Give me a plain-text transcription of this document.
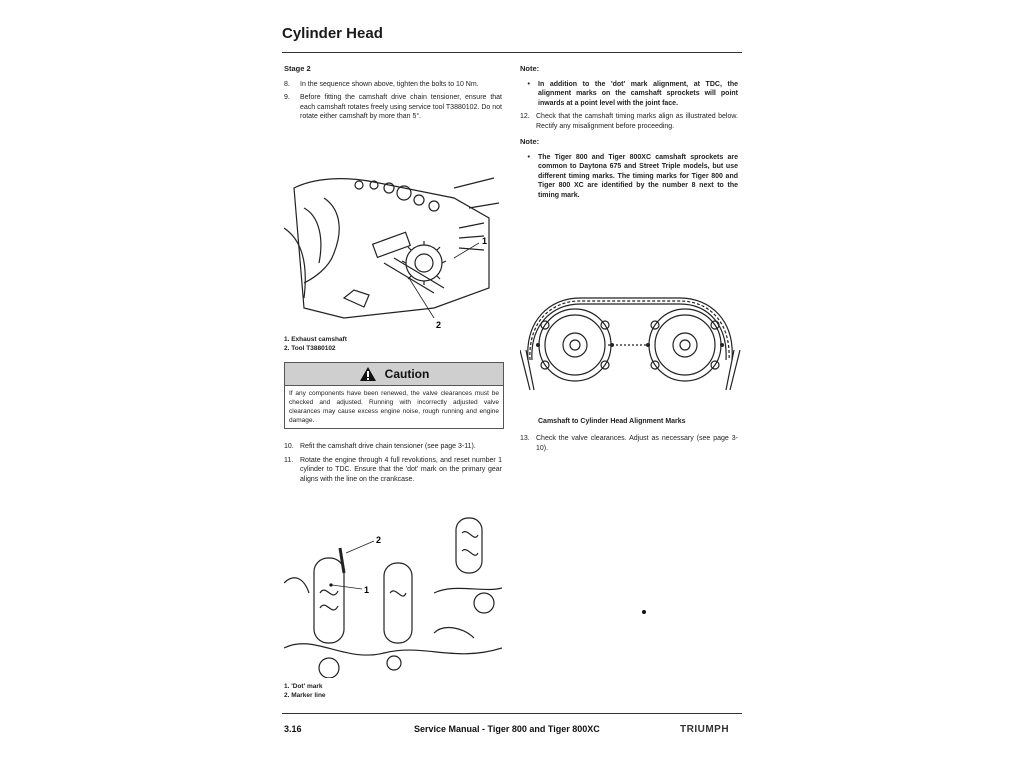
Cylinder Head
Stage 2
8.	In the sequence shown above, tighten the bolts to 10 Nm.
9.	Before fitting the camshaft drive chain tensioner, ensure that each camshaft rotates freely using service tool T3880102. Do not rotate either camshaft by more than 5°.
1
2
1. Exhaust camshaft
2. Tool T3880102
Caution
If any components have been renewed, the valve clearances must be checked and adjusted. Running with incorrectly adjusted valve clearances may cause excess engine noise, rough running and engine damage.
10. Refit the camshaft drive chain tensioner (see page 3-11).
11. Rotate the engine through 4 full revolutions, and reset number 1 cylinder to TDC. Ensure that the 'dot' mark on the primary gear aligns with the line on the crankcase.
2
1
1. 'Dot' mark
2. Marker line
Note:
•	In addition to the 'dot' mark alignment, at TDC, the alignment marks on the camshaft sprockets will point inwards at a point level with the joint face.
12. Check that the camshaft timing marks align as illustrated below. Rectify any misalignment before proceeding.
Note:
•	The Tiger 800 and Tiger 800XC camshaft sprockets are common to Daytona 675 and Street Triple models, but use different timing marks. The timing marks for Tiger 800 and Tiger 800 XC are identified by the number 8 next to the timing mark.
Camshaft to Cylinder Head Alignment Marks
13. Check the valve clearances. Adjust as necessary (see page 3-10).
3.16	Service Manual - Tiger 800 and Tiger 800XC	TRIUMPH
